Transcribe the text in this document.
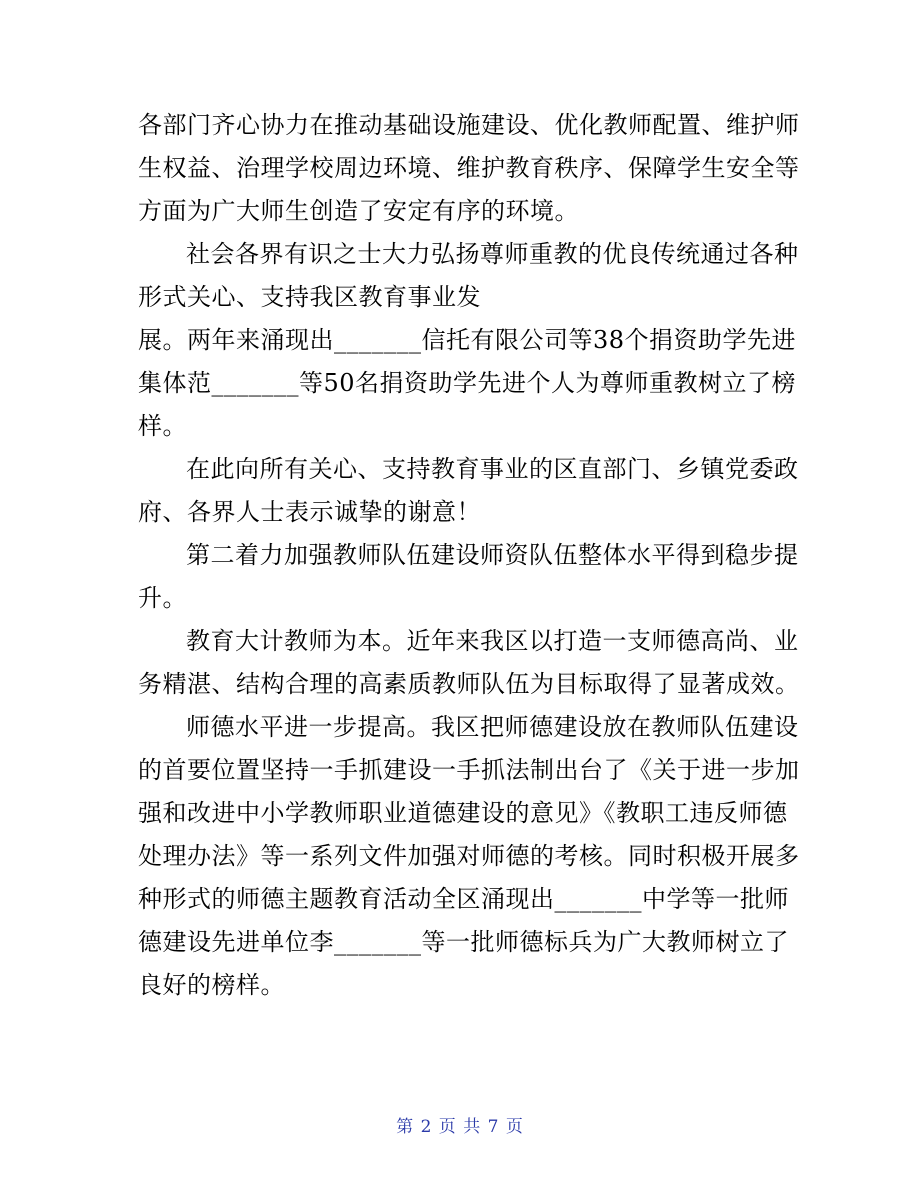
各部门齐心协力在推动基础设施建设、优化教师配置、维护师
生权益、治理学校周边环境、维护教育秩序、保障学生安全等
方面为广大师生创造了安定有序的环境。
社会各界有识之士大力弘扬尊师重教的优良传统通过各种
形式关心、支持我区教育事业发
展。两年来涌现出_______信托有限公司等38个捐资助学先进
集体范_______等50名捐资助学先进个人为尊师重教树立了榜
样。
在此向所有关心、支持教育事业的区直部门、乡镇党委政
府、各界人士表示诚挚的谢意！
第二着力加强教师队伍建设师资队伍整体水平得到稳步提
升。
教育大计教师为本。近年来我区以打造一支师德高尚、业
务精湛、结构合理的高素质教师队伍为目标取得了显著成效。
师德水平进一步提高。我区把师德建设放在教师队伍建设
的首要位置坚持一手抓建设一手抓法制出台了《关于进一步加
强和改进中小学教师职业道德建设的意见》《教职工违反师德
处理办法》等一系列文件加强对师德的考核。同时积极开展多
种形式的师德主题教育活动全区涌现出_______中学等一批师
德建设先进单位李_______等一批师德标兵为广大教师树立了
良好的榜样。
第 2 页 共 7 页
